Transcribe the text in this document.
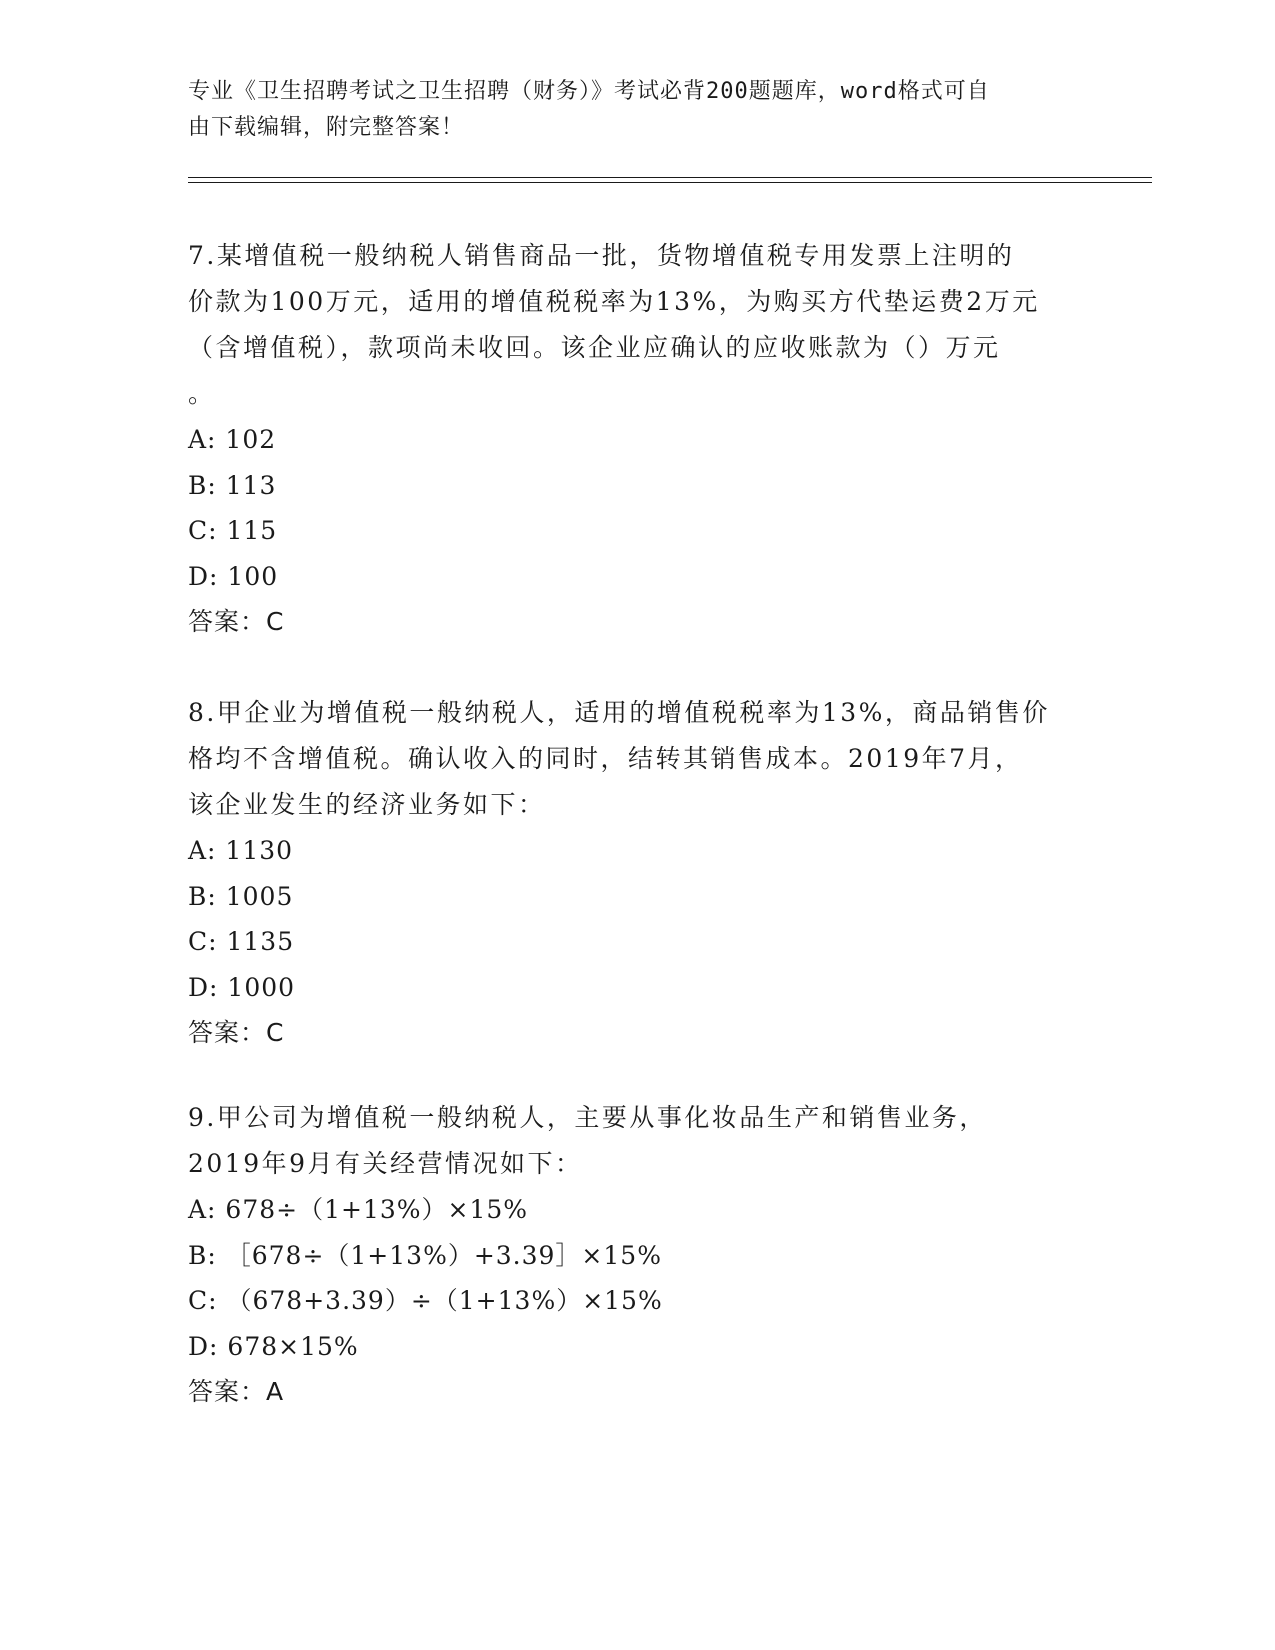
专业《卫生招聘考试之卫生招聘（财务）》考试必背200题题库，word格式可自
由下载编辑，附完整答案！

7.某增值税一般纳税人销售商品一批，货物增值税专用发票上注明的

价款为100万元，适用的增值税税率为13%，为购买方代垫运费2万元

（含增值税），款项尚未收回。该企业应确认的应收账款为（）万元

。

A: 102

B: 113

C: 115

D: 100

答案：C

8.甲企业为增值税一般纳税人，适用的增值税税率为13%，商品销售价

格均不含增值税。确认收入的同时，结转其销售成本。2019年7月，

该企业发生的经济业务如下：

A: 1130

B: 1005

C: 1135

D: 1000

答案：C

9.甲公司为增值税一般纳税人，主要从事化妆品生产和销售业务，

2019年9月有关经营情况如下：

A: 678÷（1+13%）×15%

B: ［678÷（1+13%）+3.39］×15%

C: （678+3.39）÷（1+13%）×15%

D: 678×15%

答案：A
